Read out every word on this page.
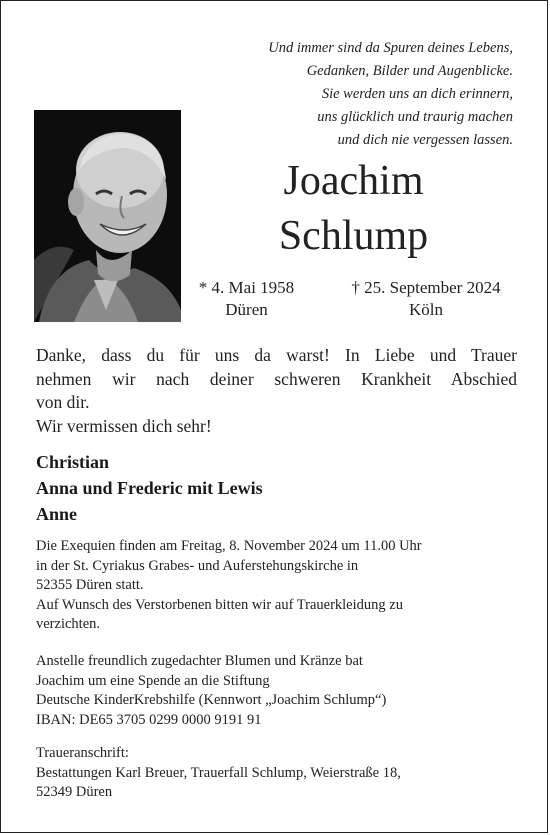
Und immer sind da Spuren deines Lebens,
Gedanken, Bilder und Augenblicke.
Sie werden uns an dich erinnern,
uns glücklich und traurig machen
und dich nie vergessen lassen.
Joachim
Schlump
* 4. Mai 1958
Düren
† 25. September 2024
Köln
Danke, dass du für uns da warst! In Liebe und Trauer
nehmen wir nach deiner schweren Krankheit Abschied
von dir.
Wir vermissen dich sehr!
Christian
Anna und Frederic mit Lewis
Anne
Die Exequien finden am Freitag, 8. November 2024 um 11.00 Uhr
in der St. Cyriakus Grabes- und Auferstehungskirche in
52355 Düren statt.
Auf Wunsch des Verstorbenen bitten wir auf Trauerkleidung zu
verzichten.
Anstelle freundlich zugedachter Blumen und Kränze bat
Joachim um eine Spende an die Stiftung
Deutsche KinderKrebshilfe (Kennwort „Joachim Schlump“)
IBAN: DE65 3705 0299 0000 9191 91
Traueranschrift:
Bestattungen Karl Breuer, Trauerfall Schlump, Weierstraße 18,
52349 Düren
